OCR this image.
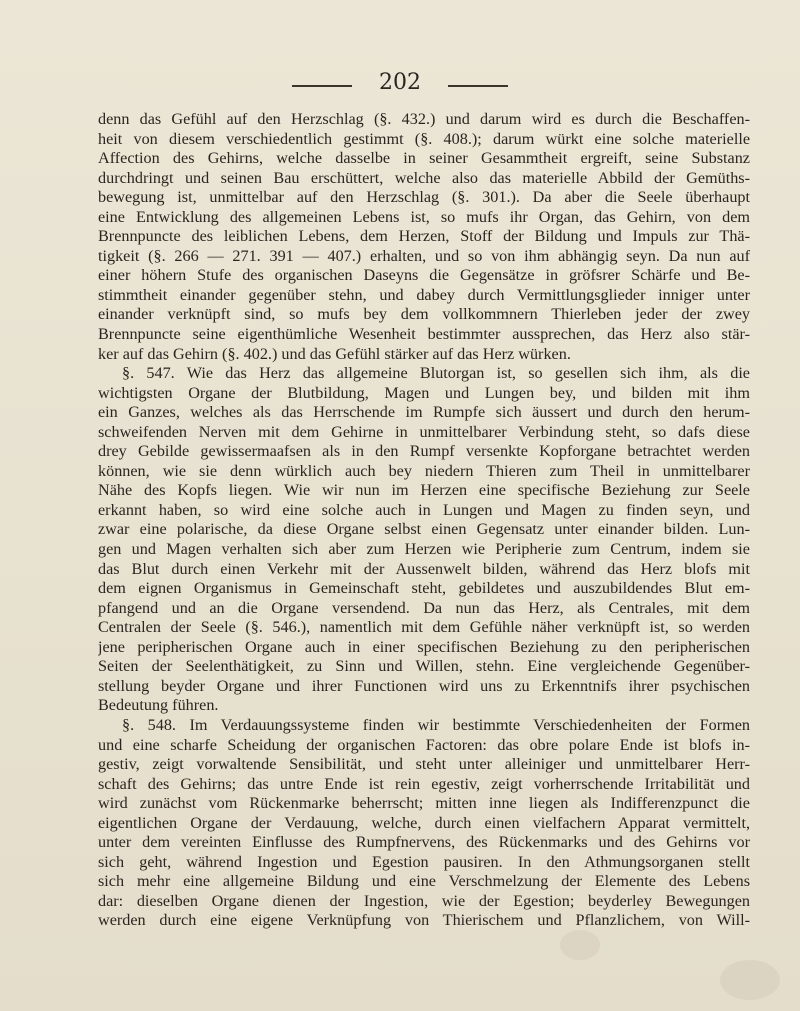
202
denn das Gefühl auf den Herzschlag (§. 432.) und darum wird es durch die Beschaffen-
heit von diesem verschiedentlich gestimmt (§. 408.); darum würkt eine solche materielle
Affection des Gehirns, welche dasselbe in seiner Gesammtheit ergreift, seine Substanz
durchdringt und seinen Bau erschüttert, welche also das materielle Abbild der Gemüths-
bewegung ist, unmittelbar auf den Herzschlag (§. 301.). Da aber die Seele überhaupt
eine Entwicklung des allgemeinen Lebens ist, so mufs ihr Organ, das Gehirn, von dem
Brennpuncte des leiblichen Lebens, dem Herzen, Stoff der Bildung und Impuls zur Thä-
tigkeit (§. 266 — 271. 391 — 407.) erhalten, und so von ihm abhängig seyn. Da nun auf
einer höhern Stufe des organischen Daseyns die Gegensätze in gröfsrer Schärfe und Be-
stimmtheit einander gegenüber stehn, und dabey durch Vermittlungsglieder inniger unter
einander verknüpft sind, so mufs bey dem vollkommnern Thierleben jeder der zwey
Brennpuncte seine eigenthümliche Wesenheit bestimmter aussprechen, das Herz also stär-
ker auf das Gehirn (§. 402.) und das Gefühl stärker auf das Herz würken.
§. 547. Wie das Herz das allgemeine Blutorgan ist, so gesellen sich ihm, als die
wichtigsten Organe der Blutbildung, Magen und Lungen bey, und bilden mit ihm
ein Ganzes, welches als das Herrschende im Rumpfe sich äussert und durch den herum-
schweifenden Nerven mit dem Gehirne in unmittelbarer Verbindung steht, so dafs diese
drey Gebilde gewissermaafsen als in den Rumpf versenkte Kopforgane betrachtet werden
können, wie sie denn würklich auch bey niedern Thieren zum Theil in unmittelbarer
Nähe des Kopfs liegen. Wie wir nun im Herzen eine specifische Beziehung zur Seele
erkannt haben, so wird eine solche auch in Lungen und Magen zu finden seyn, und
zwar eine polarische, da diese Organe selbst einen Gegensatz unter einander bilden. Lun-
gen und Magen verhalten sich aber zum Herzen wie Peripherie zum Centrum, indem sie
das Blut durch einen Verkehr mit der Aussenwelt bilden, während das Herz blofs mit
dem eignen Organismus in Gemeinschaft steht, gebildetes und auszubildendes Blut em-
pfangend und an die Organe versendend. Da nun das Herz, als Centrales, mit dem
Centralen der Seele (§. 546.), namentlich mit dem Gefühle näher verknüpft ist, so werden
jene peripherischen Organe auch in einer specifischen Beziehung zu den peripherischen
Seiten der Seelenthätigkeit, zu Sinn und Willen, stehn. Eine vergleichende Gegenüber-
stellung beyder Organe und ihrer Functionen wird uns zu Erkenntnifs ihrer psychischen
Bedeutung führen.
§. 548. Im Verdauungssysteme finden wir bestimmte Verschiedenheiten der Formen
und eine scharfe Scheidung der organischen Factoren: das obre polare Ende ist blofs in-
gestiv, zeigt vorwaltende Sensibilität, und steht unter alleiniger und unmittelbarer Herr-
schaft des Gehirns; das untre Ende ist rein egestiv, zeigt vorherrschende Irritabilität und
wird zunächst vom Rückenmarke beherrscht; mitten inne liegen als Indifferenzpunct die
eigentlichen Organe der Verdauung, welche, durch einen vielfachern Apparat vermittelt,
unter dem vereinten Einflusse des Rumpfnervens, des Rückenmarks und des Gehirns vor
sich geht, während Ingestion und Egestion pausiren. In den Athmungsorganen stellt
sich mehr eine allgemeine Bildung und eine Verschmelzung der Elemente des Lebens
dar: dieselben Organe dienen der Ingestion, wie der Egestion; beyderley Bewegungen
werden durch eine eigene Verknüpfung von Thierischem und Pflanzlichem, von Will-
